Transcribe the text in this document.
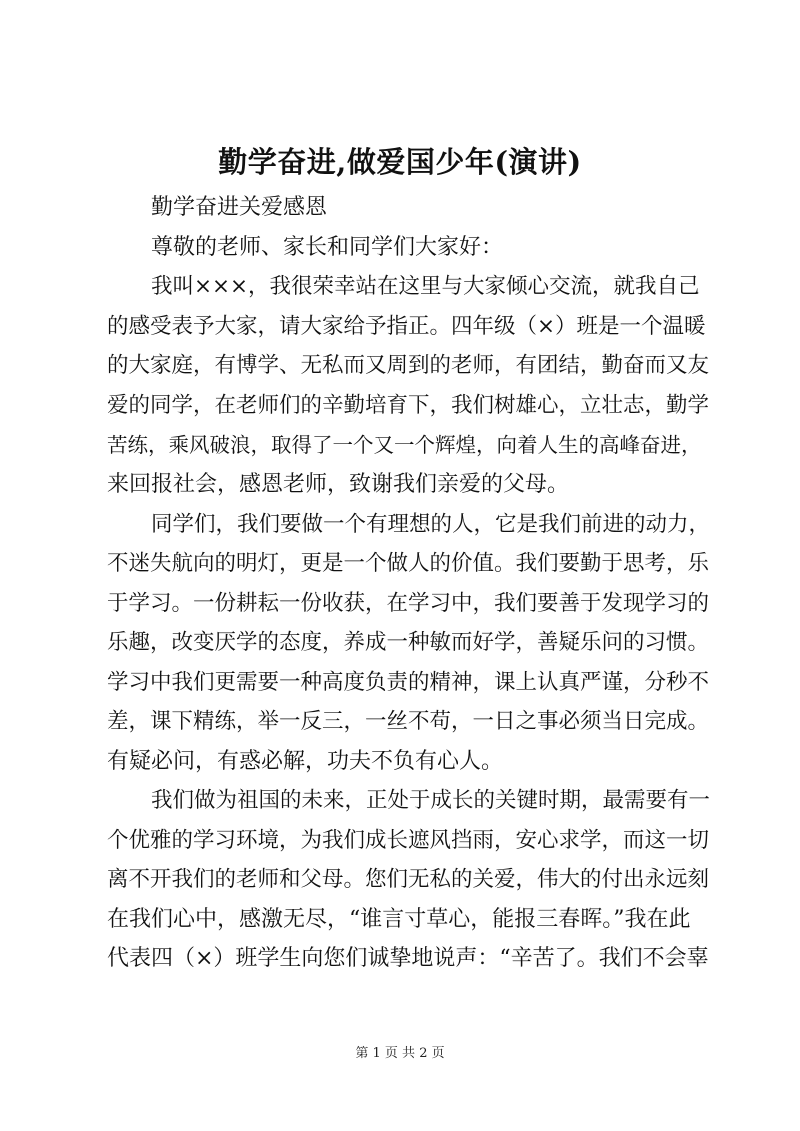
勤学奋进,做爱国少年(演讲)
勤学奋进关爱感恩
尊敬的老师、家长和同学们大家好：
我叫×××，我很荣幸站在这里与大家倾心交流，就我自己
的感受表予大家，请大家给予指正。四年级（×）班是一个温暖
的大家庭，有博学、无私而又周到的老师，有团结，勤奋而又友
爱的同学，在老师们的辛勤培育下，我们树雄心，立壮志，勤学
苦练，乘风破浪，取得了一个又一个辉煌，向着人生的高峰奋进，
来回报社会，感恩老师，致谢我们亲爱的父母。
同学们，我们要做一个有理想的人，它是我们前进的动力，
不迷失航向的明灯，更是一个做人的价值。我们要勤于思考，乐
于学习。一份耕耘一份收获，在学习中，我们要善于发现学习的
乐趣，改变厌学的态度，养成一种敏而好学，善疑乐问的习惯。
学习中我们更需要一种高度负责的精神，课上认真严谨，分秒不
差，课下精练，举一反三，一丝不苟，一日之事必须当日完成。
有疑必问，有惑必解，功夫不负有心人。
我们做为祖国的未来，正处于成长的关键时期，最需要有一
个优雅的学习环境，为我们成长遮风挡雨，安心求学，而这一切
离不开我们的老师和父母。您们无私的关爱，伟大的付出永远刻
在我们心中，感激无尽，“谁言寸草心，能报三春晖。”我在此
代表四（×）班学生向您们诚挚地说声：“辛苦了。我们不会辜
第 1 页 共 2 页
